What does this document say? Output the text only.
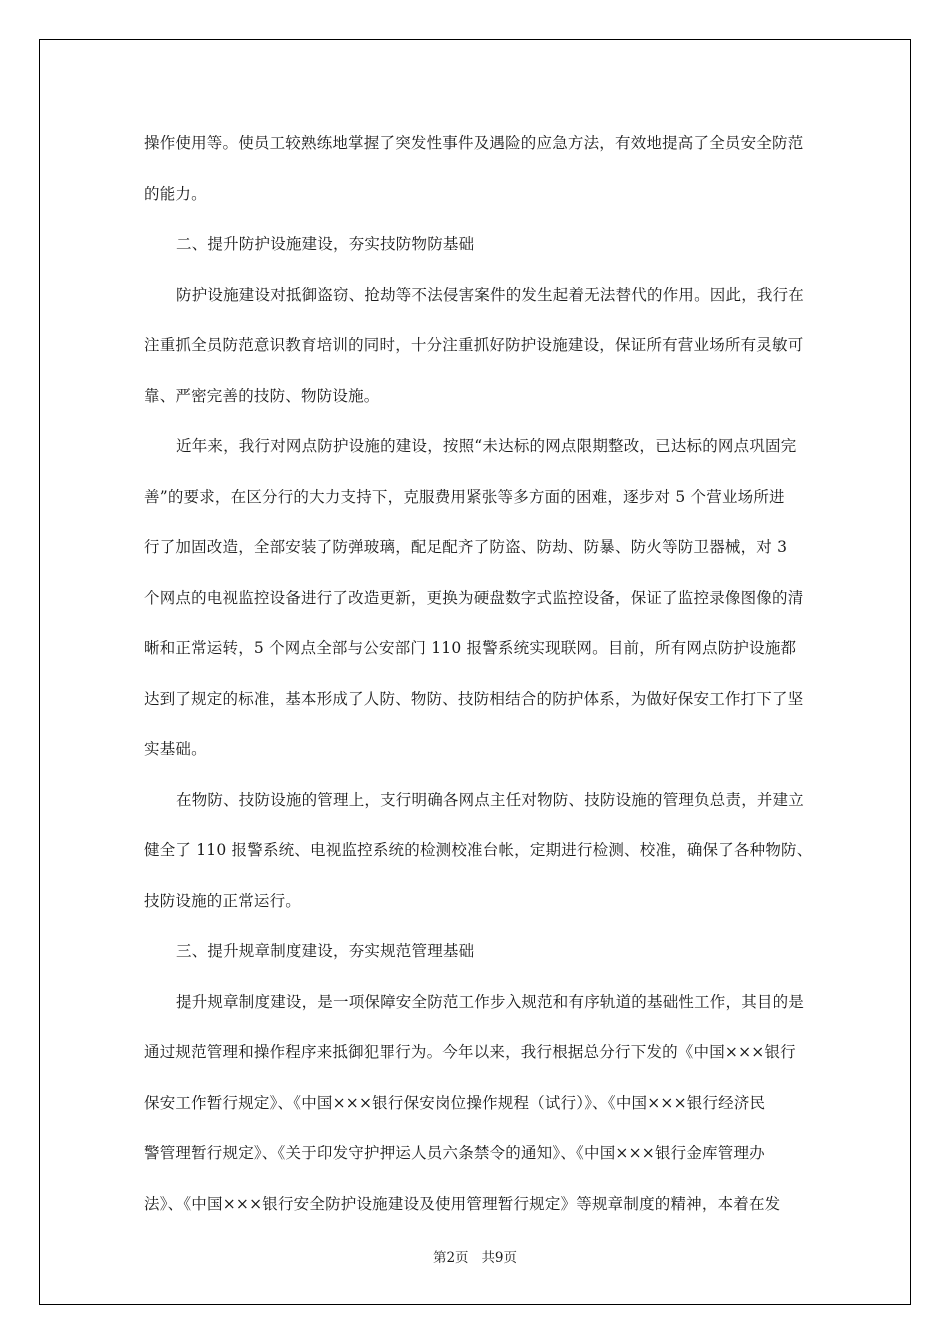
操作使用等。使员工较熟练地掌握了突发性事件及遇险的应急方法，有效地提高了全员安全防范
的能力。
二、提升防护设施建设，夯实技防物防基础
防护设施建设对抵御盗窃、抢劫等不法侵害案件的发生起着无法替代的作用。因此，我行在
注重抓全员防范意识教育培训的同时，十分注重抓好防护设施建设，保证所有营业场所有灵敏可
靠、严密完善的技防、物防设施。
近年来，我行对网点防护设施的建设，按照“未达标的网点限期整改，已达标的网点巩固完
善”的要求，在区分行的大力支持下，克服费用紧张等多方面的困难，逐步对 5 个营业场所进
行了加固改造，全部安装了防弹玻璃，配足配齐了防盗、防劫、防暴、防火等防卫器械，对 3
个网点的电视监控设备进行了改造更新，更换为硬盘数字式监控设备，保证了监控录像图像的清
晰和正常运转，5 个网点全部与公安部门 110 报警系统实现联网。目前，所有网点防护设施都
达到了规定的标准，基本形成了人防、物防、技防相结合的防护体系，为做好保安工作打下了坚
实基础。
在物防、技防设施的管理上，支行明确各网点主任对物防、技防设施的管理负总责，并建立
健全了 110 报警系统、电视监控系统的检测校准台帐，定期进行检测、校准，确保了各种物防、
技防设施的正常运行。
三、提升规章制度建设，夯实规范管理基础
提升规章制度建设，是一项保障安全防范工作步入规范和有序轨道的基础性工作，其目的是
通过规范管理和操作程序来抵御犯罪行为。今年以来，我行根据总分行下发的《中国×××银行
保安工作暂行规定》、《中国×××银行保安岗位操作规程（试行）》、《中国×××银行经济民
警管理暂行规定》、《关于印发守护押运人员六条禁令的通知》、《中国×××银行金库管理办
法》、《中国×××银行安全防护设施建设及使用管理暂行规定》等规章制度的精神，本着在发
第2页 共9页
